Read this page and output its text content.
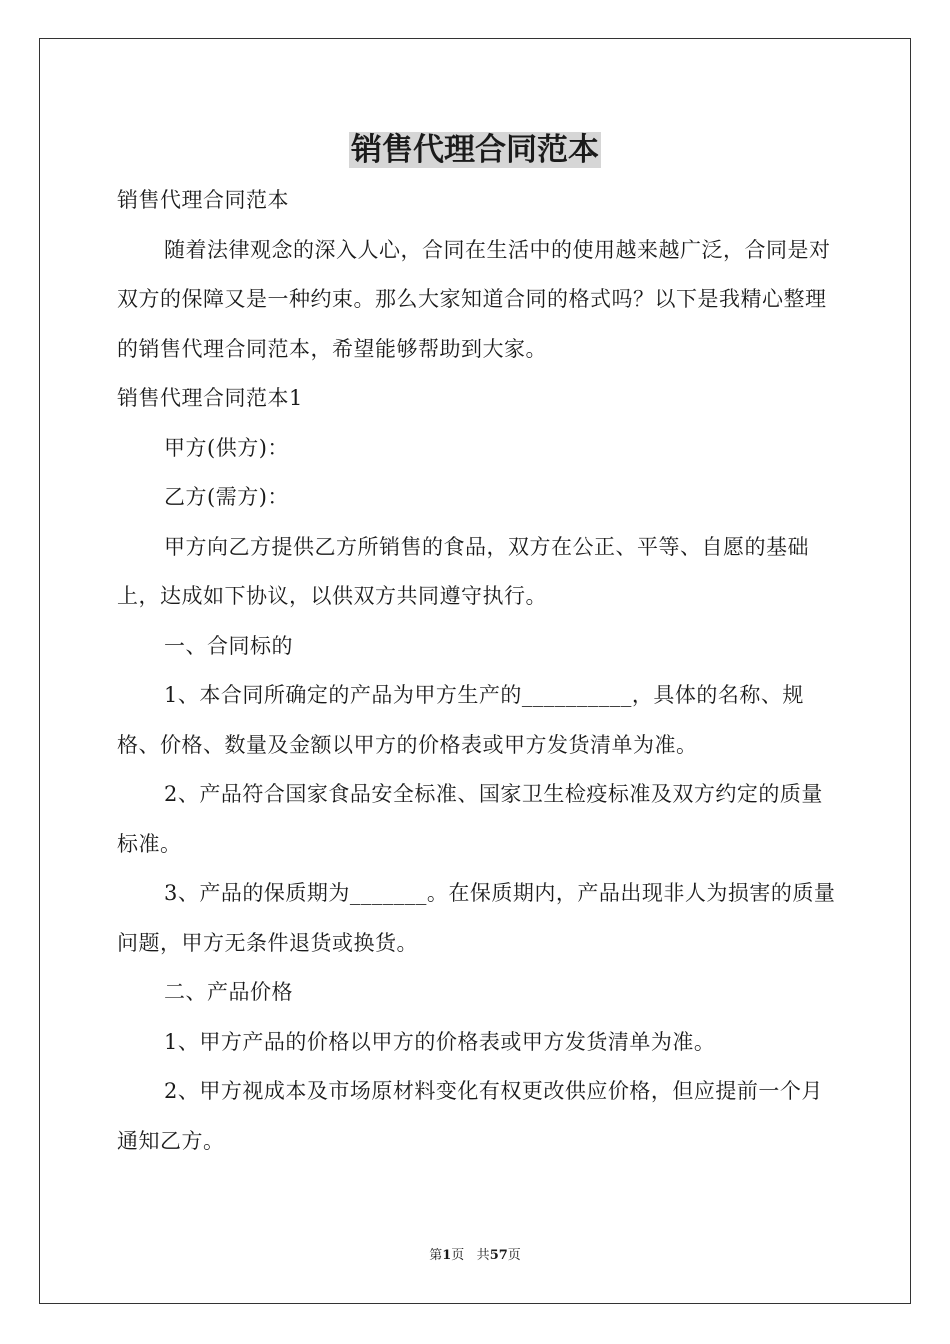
销售代理合同范本

销售代理合同范本

随着法律观念的深入人心，合同在生活中的使用越来越广泛，合同是对双方的保障又是一种约束。那么大家知道合同的格式吗？以下是我精心整理的销售代理合同范本，希望能够帮助到大家。

销售代理合同范本1

甲方(供方)：

乙方(需方)：

甲方向乙方提供乙方所销售的食品，双方在公正、平等、自愿的基础上，达成如下协议，以供双方共同遵守执行。

一、合同标的

1、本合同所确定的产品为甲方生产的__________，具体的名称、规格、价格、数量及金额以甲方的价格表或甲方发货清单为准。

2、产品符合国家食品安全标准、国家卫生检疫标准及双方约定的质量标准。

3、产品的保质期为_______。在保质期内，产品出现非人为损害的质量问题，甲方无条件退货或换货。

二、产品价格

1、甲方产品的价格以甲方的价格表或甲方发货清单为准。

2、甲方视成本及市场原材料变化有权更改供应价格，但应提前一个月通知乙方。

第1页 共57页
